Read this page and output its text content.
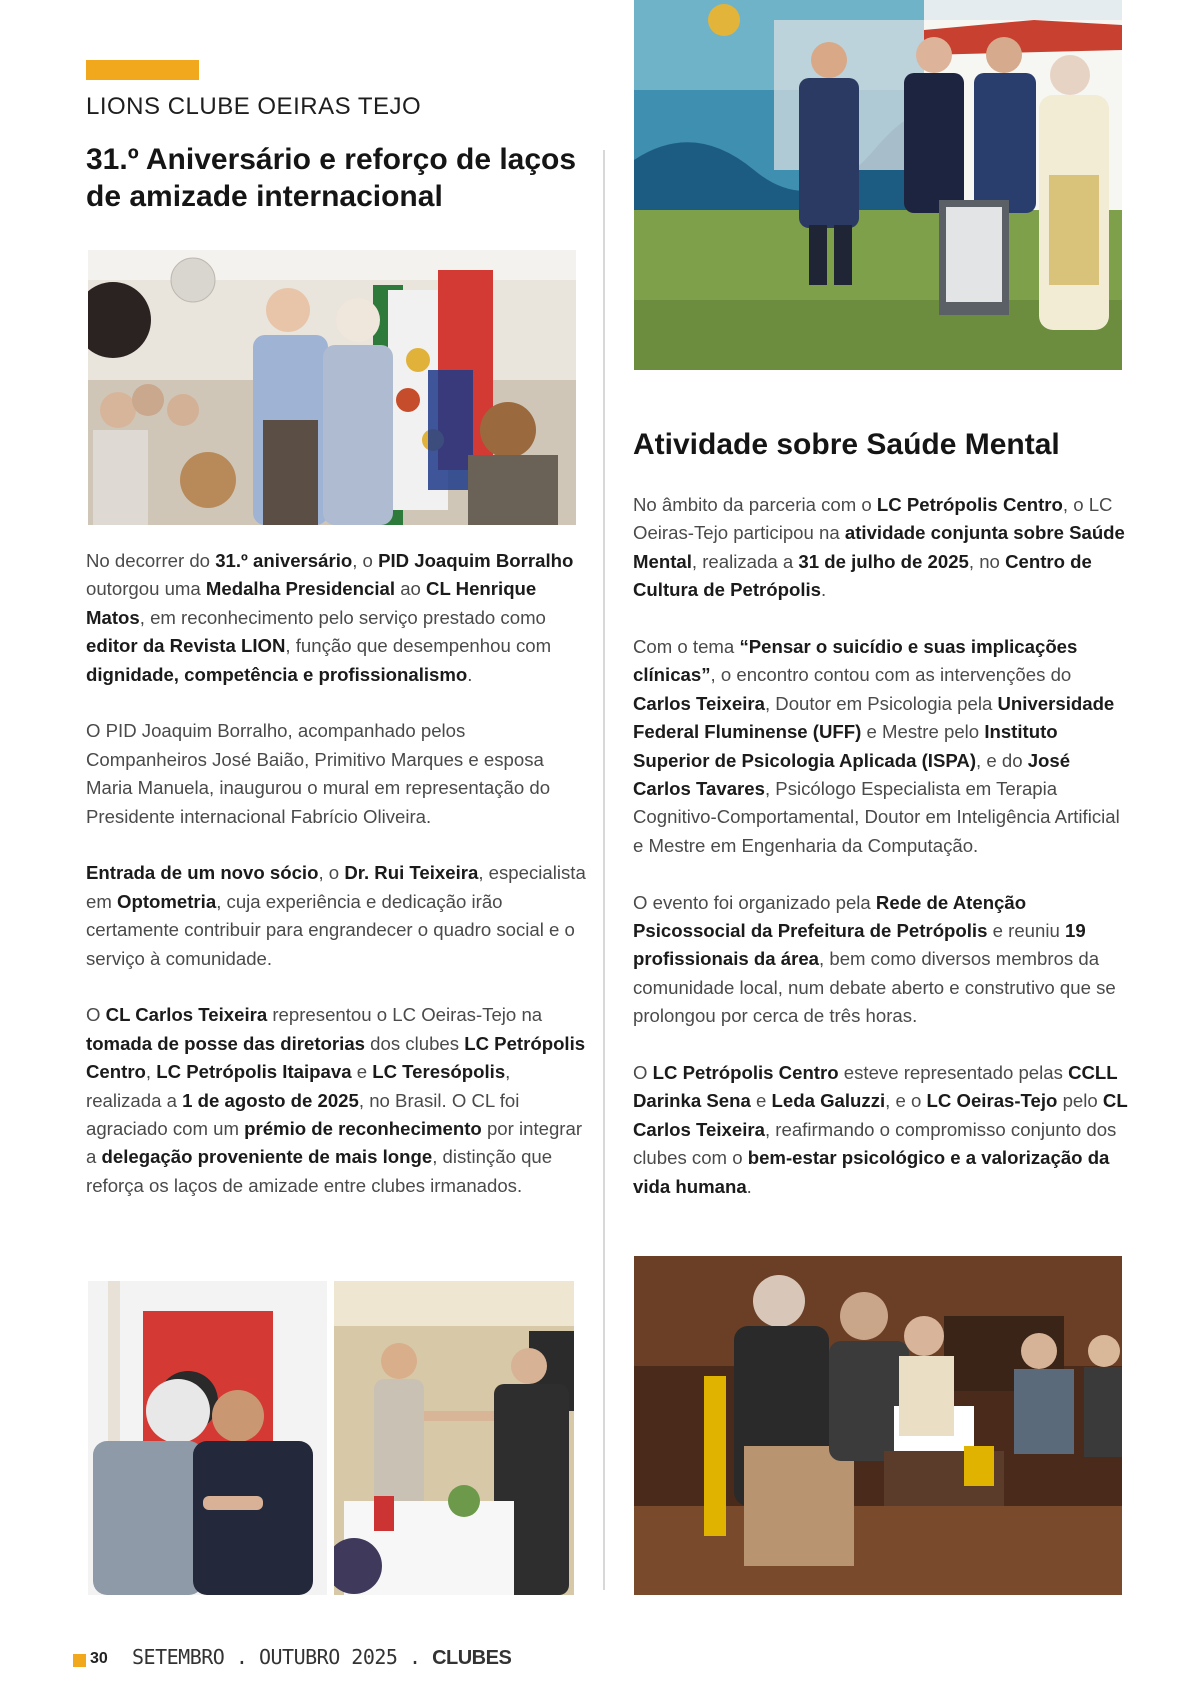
LIONS CLUBE OEIRAS TEJO
31.º Aniversário e reforço de laços de amizade internacional

No decorrer do 31.º aniversário, o PID Joaquim Borralho outorgou uma Medalha Presidencial ao CL Henrique Matos, em reconhecimento pelo serviço prestado como editor da Revista LION, função que desempenhou com dignidade, competência e profissionalismo.

O PID Joaquim Borralho, acompanhado pelos Companheiros José Baião, Primitivo Marques e esposa Maria Manuela, inaugurou o mural em representação do Presidente internacional Fabrício Oliveira.

Entrada de um novo sócio, o Dr. Rui Teixeira, especialista em Optometria, cuja experiência e dedicação irão certamente contribuir para engrandecer o quadro social e o serviço à comunidade.

O CL Carlos Teixeira representou o LC Oeiras-Tejo na tomada de posse das diretorias dos clubes LC Petrópolis Centro, LC Petrópolis Itaipava e LC Teresópolis, realizada a 1 de agosto de 2025, no Brasil. O CL foi agraciado com um prémio de reconhecimento por integrar a delegação proveniente de mais longe, distinção que reforça os laços de amizade entre clubes irmanados.

Atividade sobre Saúde Mental

No âmbito da parceria com o LC Petrópolis Centro, o LC Oeiras-Tejo participou na atividade conjunta sobre Saúde Mental, realizada a 31 de julho de 2025, no Centro de Cultura de Petrópolis.

Com o tema “Pensar o suicídio e suas implicações clínicas”, o encontro contou com as intervenções do Carlos Teixeira, Doutor em Psicologia pela Universidade Federal Fluminense (UFF) e Mestre pelo Instituto Superior de Psicologia Aplicada (ISPA), e do José Carlos Tavares, Psicólogo Especialista em Terapia Cognitivo-Comportamental, Doutor em Inteligência Artificial e Mestre em Engenharia da Computação.

O evento foi organizado pela Rede de Atenção Psicossocial da Prefeitura de Petrópolis e reuniu 19 profissionais da área, bem como diversos membros da comunidade local, num debate aberto e construtivo que se prolongou por cerca de três horas.

O LC Petrópolis Centro esteve representado pelas CCLL Darinka Sena e Leda Galuzzi, e o LC Oeiras-Tejo pelo CL Carlos Teixeira, reafirmando o compromisso conjunto dos clubes com o bem-estar psicológico e a valorização da vida humana.

30 SETEMBRO . OUTUBRO 2025 . CLUBES
